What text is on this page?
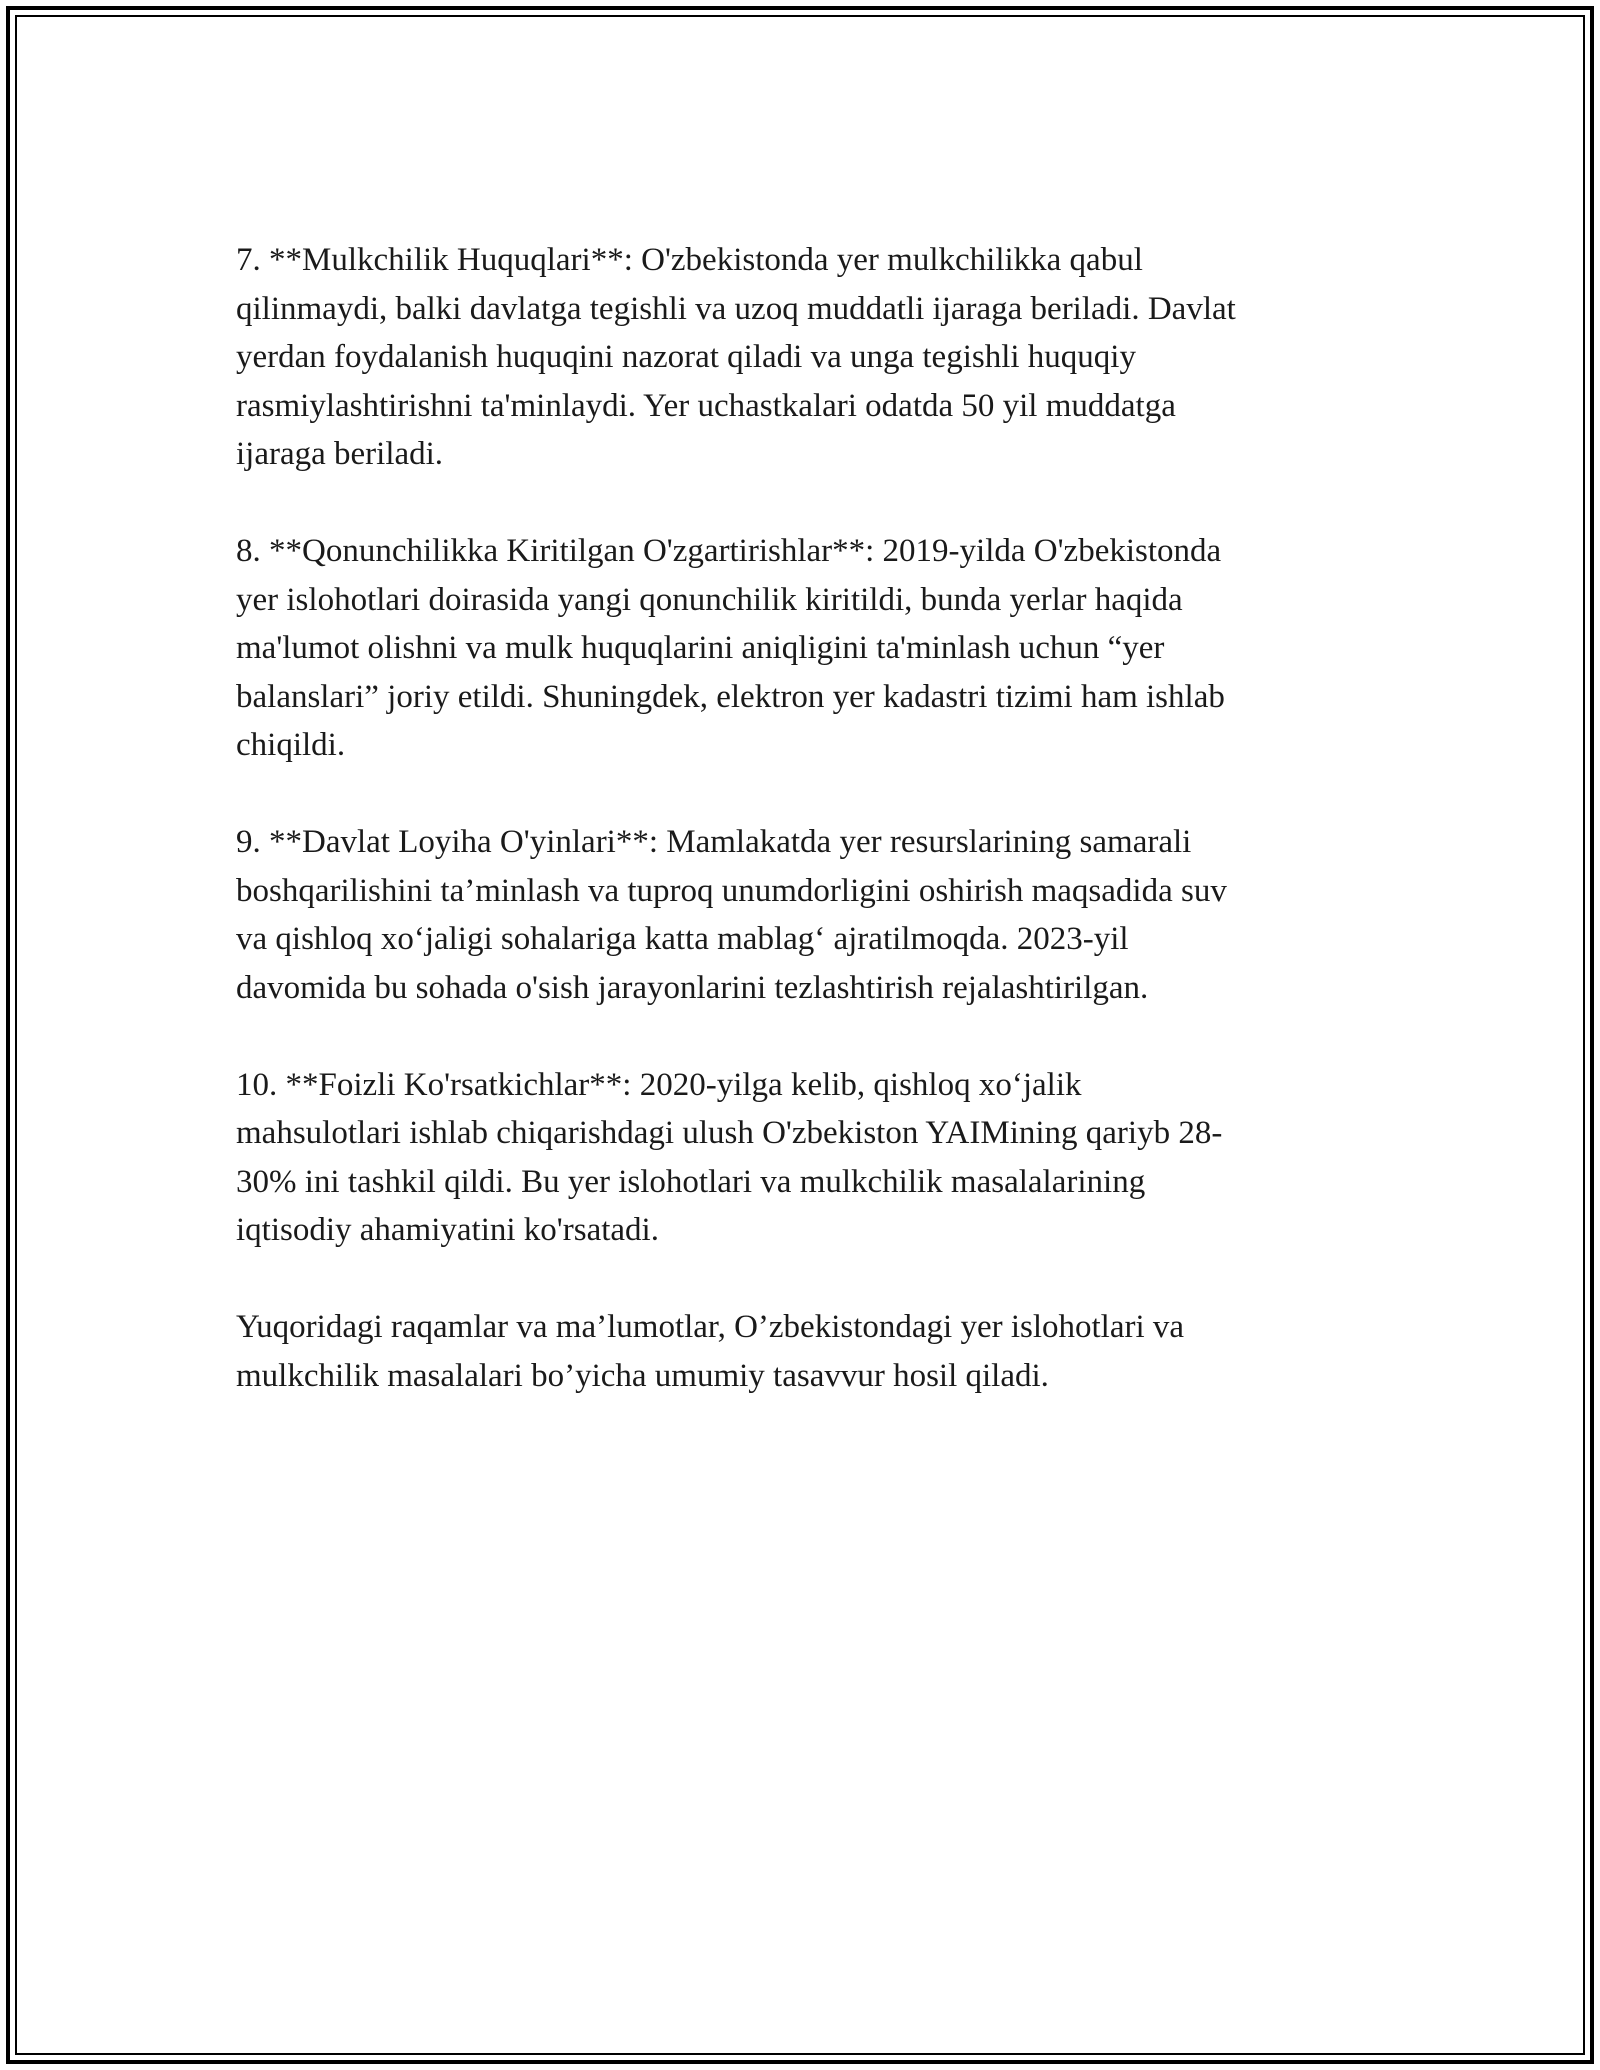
7. **Mulkchilik Huquqlari**: O'zbekistonda yer mulkchilikka qabul
qilinmaydi, balki davlatga tegishli va uzoq muddatli ijaraga beriladi. Davlat
yerdan foydalanish huquqini nazorat qiladi va unga tegishli huquqiy
rasmiylashtirishni ta'minlaydi. Yer uchastkalari odatda 50 yil muddatga
ijaraga beriladi.

8. **Qonunchilikka Kiritilgan O'zgartirishlar**: 2019-yilda O'zbekistonda
yer islohotlari doirasida yangi qonunchilik kiritildi, bunda yerlar haqida
ma'lumot olishni va mulk huquqlarini aniqligini ta'minlash uchun “yer
balanslari” joriy etildi. Shuningdek, elektron yer kadastri tizimi ham ishlab
chiqildi.

9. **Davlat Loyiha O'yinlari**: Mamlakatda yer resurslarining samarali
boshqarilishini ta’minlash va tuproq unumdorligini oshirish maqsadida suv
va qishloq xo‘jaligi sohalariga katta mablag‘ ajratilmoqda. 2023-yil
davomida bu sohada o'sish jarayonlarini tezlashtirish rejalashtirilgan.

10. **Foizli Ko'rsatkichlar**: 2020-yilga kelib, qishloq xo‘jalik
mahsulotlari ishlab chiqarishdagi ulush O'zbekiston YAIMining qariyb 28-
30% ini tashkil qildi. Bu yer islohotlari va mulkchilik masalalarining
iqtisodiy ahamiyatini ko'rsatadi.

Yuqoridagi raqamlar va ma’lumotlar, O’zbekistondagi yer islohotlari va
mulkchilik masalalari bo’yicha umumiy tasavvur hosil qiladi.
